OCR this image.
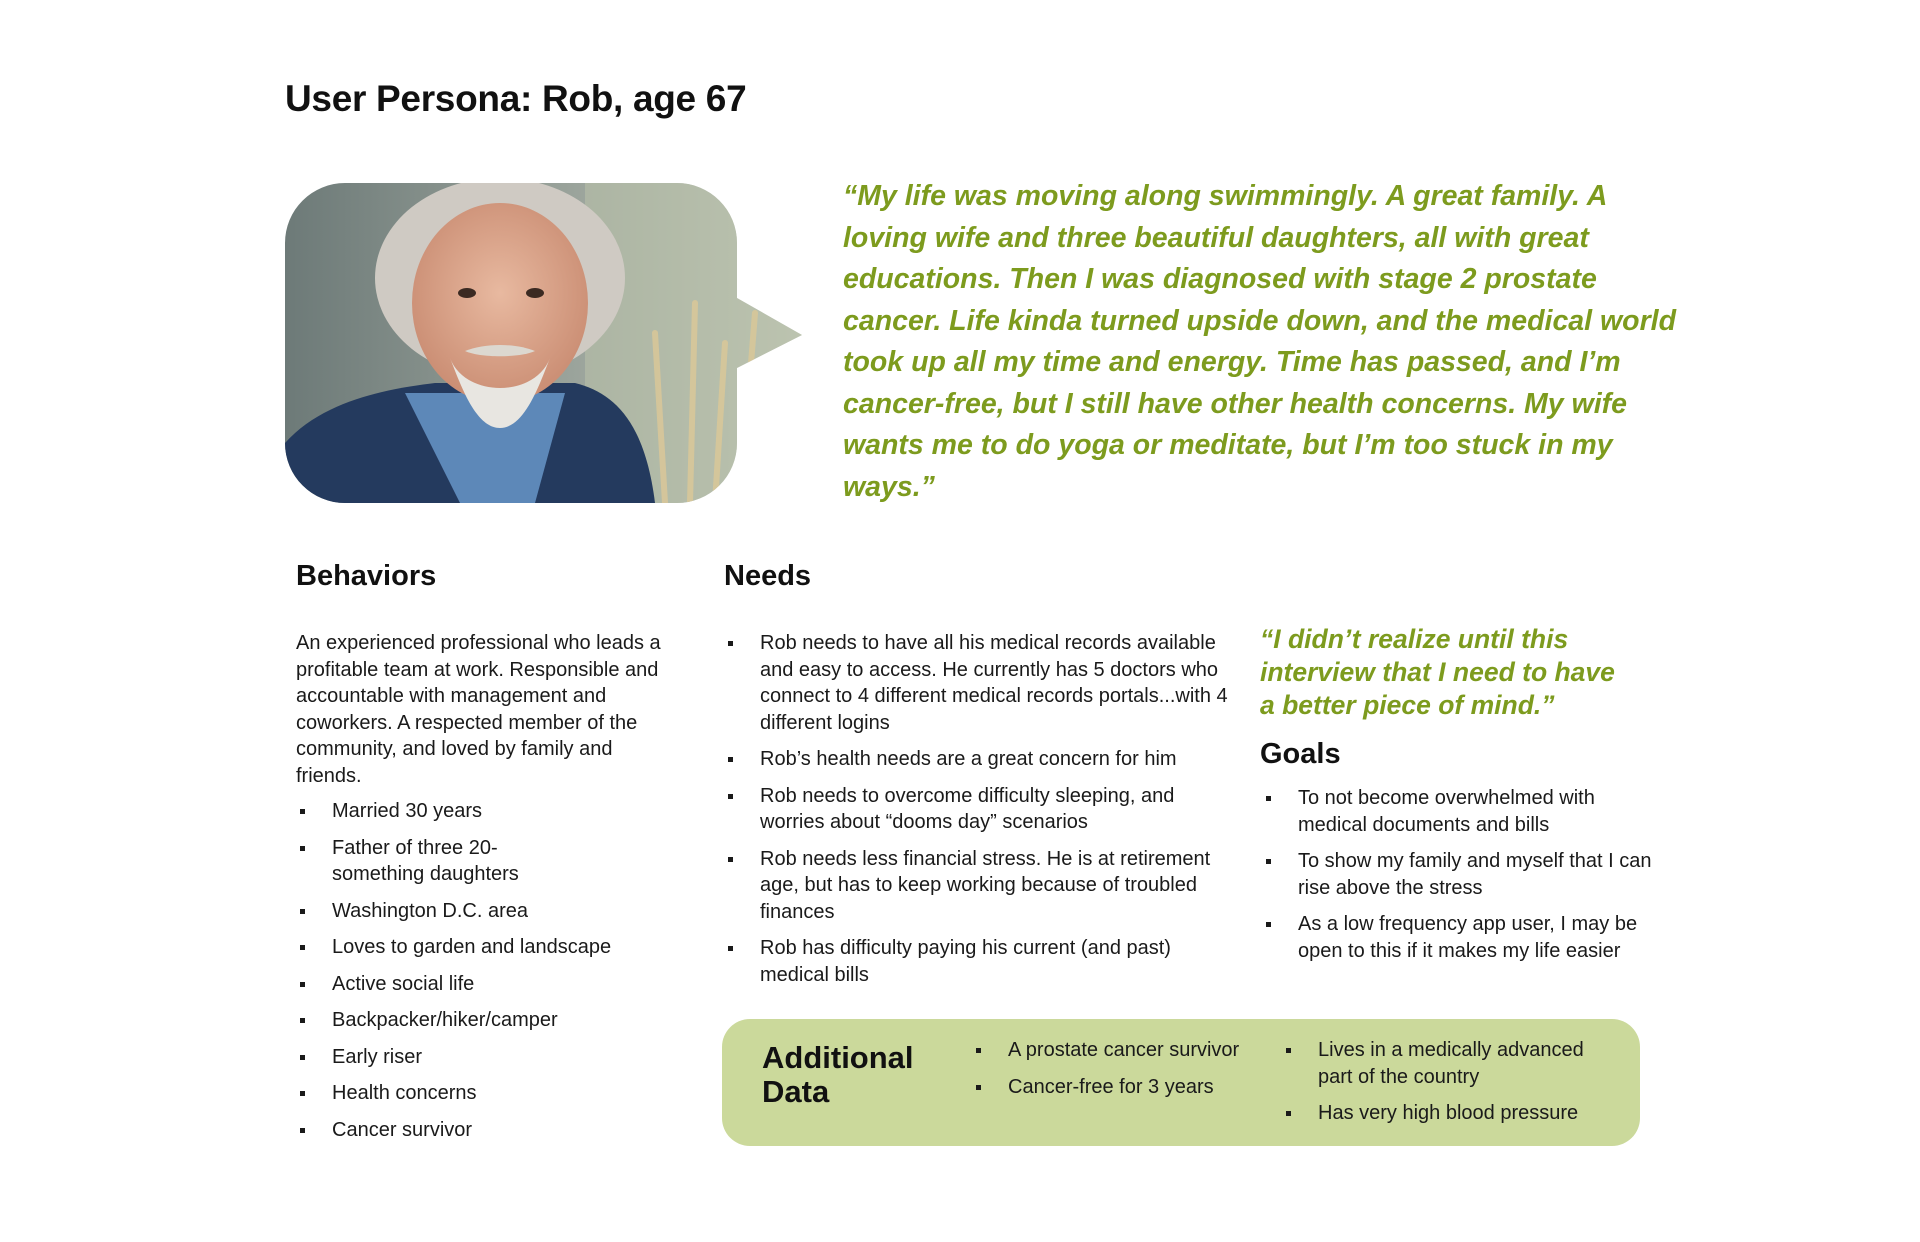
User Persona: Rob, age 67
“My life was moving along swimmingly. A great family. A loving wife and three beautiful daughters, all with great educations. Then I was diagnosed with stage 2 prostate cancer. Life kinda turned upside down, and the medical world took up all my time and energy. Time has passed, and I’m cancer-free, but I still have other health concerns. My wife wants me to do yoga or meditate, but I’m too stuck in my ways.”
Behaviors
An experienced professional who leads a profitable team at work. Responsible and accountable with management and coworkers. A respected member of the community, and loved by family and friends.
Married 30 years
Father of three 20-something daughters
Washington D.C. area
Loves to garden and landscape
Active social life
Backpacker/hiker/camper
Early riser
Health concerns
Cancer survivor
Needs
Rob needs to have all his medical records available and easy to access. He currently has 5 doctors who connect to 4 different medical records portals...with 4 different logins
Rob’s health needs are a great concern for him
Rob needs to overcome difficulty sleeping, and worries about “dooms day” scenarios
Rob needs less financial stress. He is at retirement age, but has to keep working because of troubled finances
Rob has difficulty paying his current (and past) medical bills
“I didn’t realize until this
interview that I need to have
a better piece of mind.”
Goals
To not become overwhelmed with medical documents and bills
To show my family and myself that I can rise above the stress
As a low frequency app user, I may be open to this if it makes my life easier
Additional Data
A prostate cancer survivor
Cancer-free for 3 years
Lives in a medically advanced part of the country
Has very high blood pressure
